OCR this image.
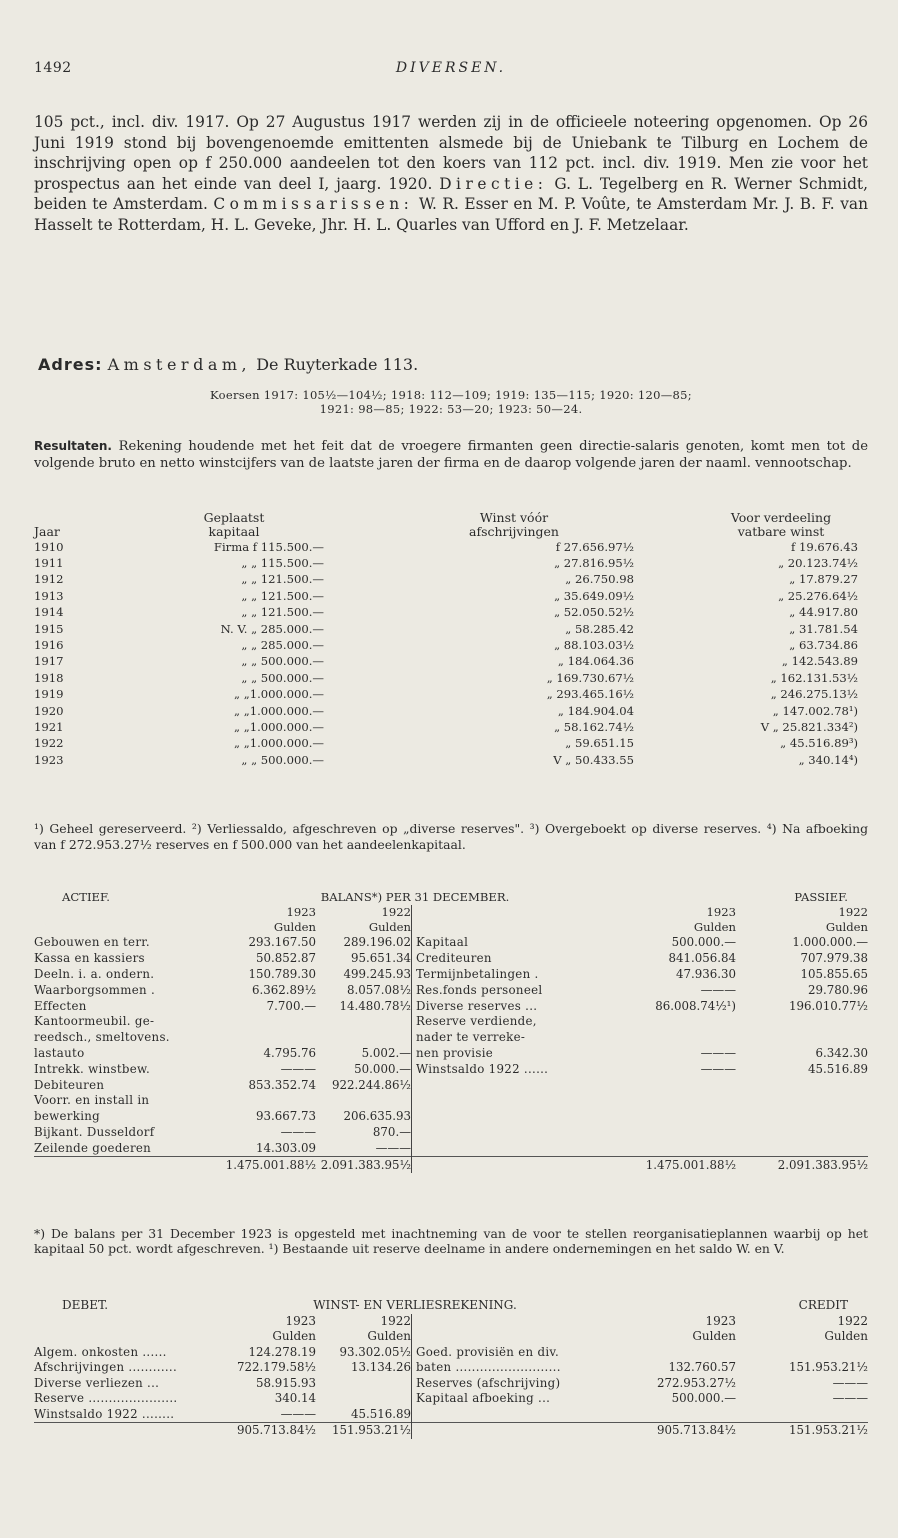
1492	DIVERSEN.

105 pct., incl. div. 1917. Op 27 Augustus 1917 werden zij in de officieele noteering opgenomen. Op 26 Juni 1919 stond bij bovengenoemde emittenten alsmede bij de Uniebank te Tilburg en Lochem de inschrijving open op f 250.000 aandeelen tot den koers van 112 pct. incl. div. 1919. Men zie voor het prospectus aan het einde van deel I, jaarg. 1920. Directie: G. L. Tegelberg en R. Werner Schmidt, beiden te Amsterdam. Commissarissen: W. R. Esser en M. P. Voûte, te Amsterdam Mr. J. B. F. van Hasselt te Rotterdam, H. L. Geveke, Jhr. H. L. Quarles van Ufford en J. F. Metzelaar.

Adres: Amsterdam, De Ruyterkade 113.
Koersen 1917: 105½—104½; 1918: 112—109; 1919: 135—115; 1920: 120—85;
1921: 98—85; 1922: 53—20; 1923: 50—24.
Resultaten. Rekening houdende met het feit dat de vroegere firmanten geen directie-salaris genoten, komt men tot de volgende bruto en netto winstcijfers van de laatste jaren der firma en de daarop volgende jaren der naaml. vennootschap.
	Geplaatst	Winst vóór	Voor verdeeling
Jaar	kapitaal	afschrijvingen	vatbare winst
1910	Firma f 115.500.—	f 27.656.97½	f 19.676.43
1911	„ „ 115.500.—	„ 27.816.95½	„ 20.123.74½
1912	„ „ 121.500.—	„ 26.750.98	„ 17.879.27
1913	„ „ 121.500.—	„ 35.649.09½	„ 25.276.64½
1914	„ „ 121.500.—	„ 52.050.52½	„ 44.917.80
1915	N. V. „ 285.000.—	„ 58.285.42	„ 31.781.54
1916	„ „ 285.000.—	„ 88.103.03½	„ 63.734.86
1917	„ „ 500.000.—	„ 184.064.36	„ 142.543.89
1918	„ „ 500.000.—	„ 169.730.67½	„ 162.131.53½
1919	„ „1.000.000.—	„ 293.465.16½	„ 246.275.13½
1920	„ „1.000.000.—	„ 184.904.04	„ 147.002.78¹)
1921	„ „1.000.000.—	„ 58.162.74½	V „ 25.821.334²)
1922	„ „1.000.000.—	„ 59.651.15	„ 45.516.89³)
1923	„ „ 500.000.—	V „ 50.433.55	„ 340.14⁴)
¹) Geheel gereserveerd. ²) Verliessaldo, afgeschreven op „diverse reserves". ³) Overgeboekt op diverse reserves. ⁴) Na afboeking van f 272.953.27½ reserves en f 500.000 van het aandeelenkapitaal.
ACTIEF.	BALANS*) PER 31 DECEMBER.			PASSIEF.	
	1923	1922		1923	1922
	Gulden	Gulden		Gulden	Gulden
Gebouwen en terr.	293.167.50	289.196.02	Kapitaal	500.000.—	1.000.000.—
Kassa en kassiers	50.852.87	95.651.34	Crediteuren	841.056.84	707.979.38
Deeln. i. a. ondern.	150.789.30	499.245.93	Termijnbetalingen .	47.936.30	105.855.65
Waarborgsommen .	6.362.89½	8.057.08½	Res.fonds personeel	———	29.780.96
Effecten	7.700.—	14.480.78½	Diverse reserves ...	86.008.74½¹)	196.010.77½
Kantoormeubil. ge-			Reserve verdiende,		
reedsch., smeltovens.			nader te verreke-		
lastauto	4.795.76	5.002.—	nen provisie	———	6.342.30
Intrekk. winstbew.	———	50.000.—	Winstsaldo 1922 ......	———	45.516.89
Debiteuren	853.352.74	922.244.86½			
Voorr. en install in					
bewerking	93.667.73	206.635.93			
Bijkant. Dusseldorf	———	870.—			
Zeilende goederen	14.303.09	———			
	1.475.001.88½	2.091.383.95½		1.475.001.88½	2.091.383.95½
*) De balans per 31 December 1923 is opgesteld met inachtneming van de voor te stellen reorganisatieplannen waarbij op het kapitaal 50 pct. wordt afgeschreven. ¹) Bestaande uit reserve deelname in andere ondernemingen en het saldo W. en V.
DEBET.	WINST- EN VERLIESREKENING.			CREDIT	
	1923	1922		1923	1922
	Gulden	Gulden		Gulden	Gulden
Algem. onkosten ......	124.278.19	93.302.05½	Goed. provisiën en div.		
Afschrijvingen ............	722.179.58½	13.134.26	baten ..........................	132.760.57	151.953.21½
Diverse verliezen ...	58.915.93		Reserves (afschrijving)	272.953.27½	———
Reserve ......................	340.14		Kapitaal afboeking ...	500.000.—	———
Winstsaldo 1922 ........	———	45.516.89			
	905.713.84½	151.953.21½		905.713.84½	151.953.21½
